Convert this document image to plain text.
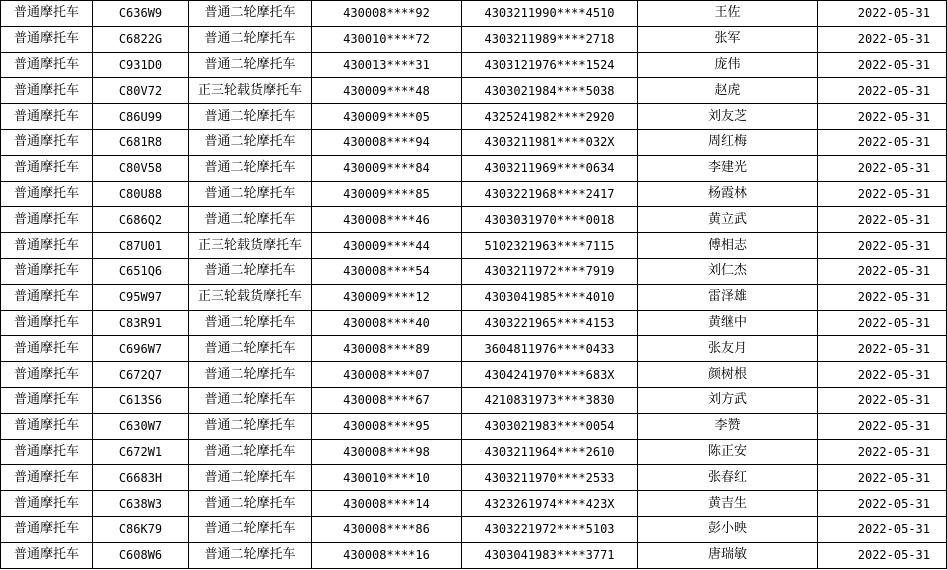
普通摩托车	C636W9	普通二轮摩托车	430008****92	4303211990****4510	王佐	2022-05-31
普通摩托车	C6822G	普通二轮摩托车	430010****72	4303211989****2718	张军	2022-05-31
普通摩托车	C931D0	普通二轮摩托车	430013****31	4303121976****1524	庞伟	2022-05-31
普通摩托车	C80V72	正三轮载货摩托车	430009****48	4303021984****5038	赵虎	2022-05-31
普通摩托车	C86U99	普通二轮摩托车	430009****05	4325241982****2920	刘友芝	2022-05-31
普通摩托车	C681R8	普通二轮摩托车	430008****94	4303211981****032X	周红梅	2022-05-31
普通摩托车	C80V58	普通二轮摩托车	430009****84	4303211969****0634	李建光	2022-05-31
普通摩托车	C80U88	普通二轮摩托车	430009****85	4303221968****2417	杨霞林	2022-05-31
普通摩托车	C686Q2	普通二轮摩托车	430008****46	4303031970****0018	黄立武	2022-05-31
普通摩托车	C87U01	正三轮载货摩托车	430009****44	5102321963****7115	傅相志	2022-05-31
普通摩托车	C651Q6	普通二轮摩托车	430008****54	4303211972****7919	刘仁杰	2022-05-31
普通摩托车	C95W97	正三轮载货摩托车	430009****12	4303041985****4010	雷泽雄	2022-05-31
普通摩托车	C83R91	普通二轮摩托车	430008****40	4303221965****4153	黄继中	2022-05-31
普通摩托车	C696W7	普通二轮摩托车	430008****89	3604811976****0433	张友月	2022-05-31
普通摩托车	C672Q7	普通二轮摩托车	430008****07	4304241970****683X	颜树根	2022-05-31
普通摩托车	C613S6	普通二轮摩托车	430008****67	4210831973****3830	刘方武	2022-05-31
普通摩托车	C630W7	普通二轮摩托车	430008****95	4303021983****0054	李赞	2022-05-31
普通摩托车	C672W1	普通二轮摩托车	430008****98	4303211964****2610	陈正安	2022-05-31
普通摩托车	C6683H	普通二轮摩托车	430010****10	4303211970****2533	张春红	2022-05-31
普通摩托车	C638W3	普通二轮摩托车	430008****14	4323261974****423X	黄吉生	2022-05-31
普通摩托车	C86K79	普通二轮摩托车	430008****86	4303221972****5103	彭小映	2022-05-31
普通摩托车	C608W6	普通二轮摩托车	430008****16	4303041983****3771	唐瑞敏	2022-05-31
